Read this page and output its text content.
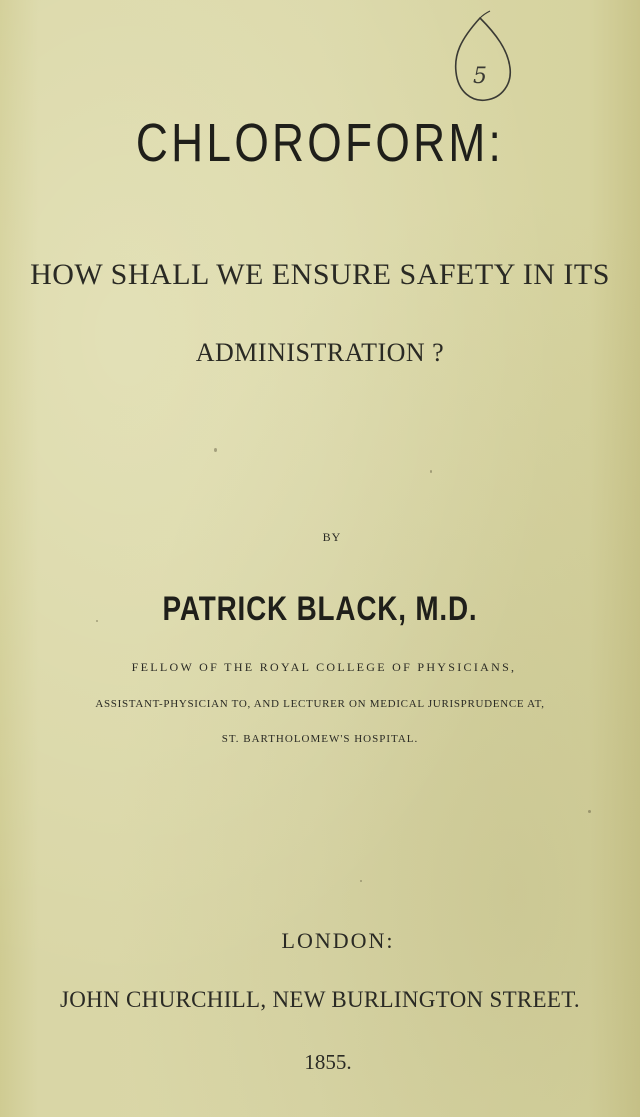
5
CHLOROFORM:
HOW SHALL WE ENSURE SAFETY IN ITS
ADMINISTRATION ?
BY
PATRICK BLACK, M.D.
FELLOW OF THE ROYAL COLLEGE OF PHYSICIANS,
ASSISTANT-PHYSICIAN TO, AND LECTURER ON MEDICAL JURISPRUDENCE AT,
ST. BARTHOLOMEW'S HOSPITAL.
LONDON:
JOHN CHURCHILL, NEW BURLINGTON STREET.
1855.
